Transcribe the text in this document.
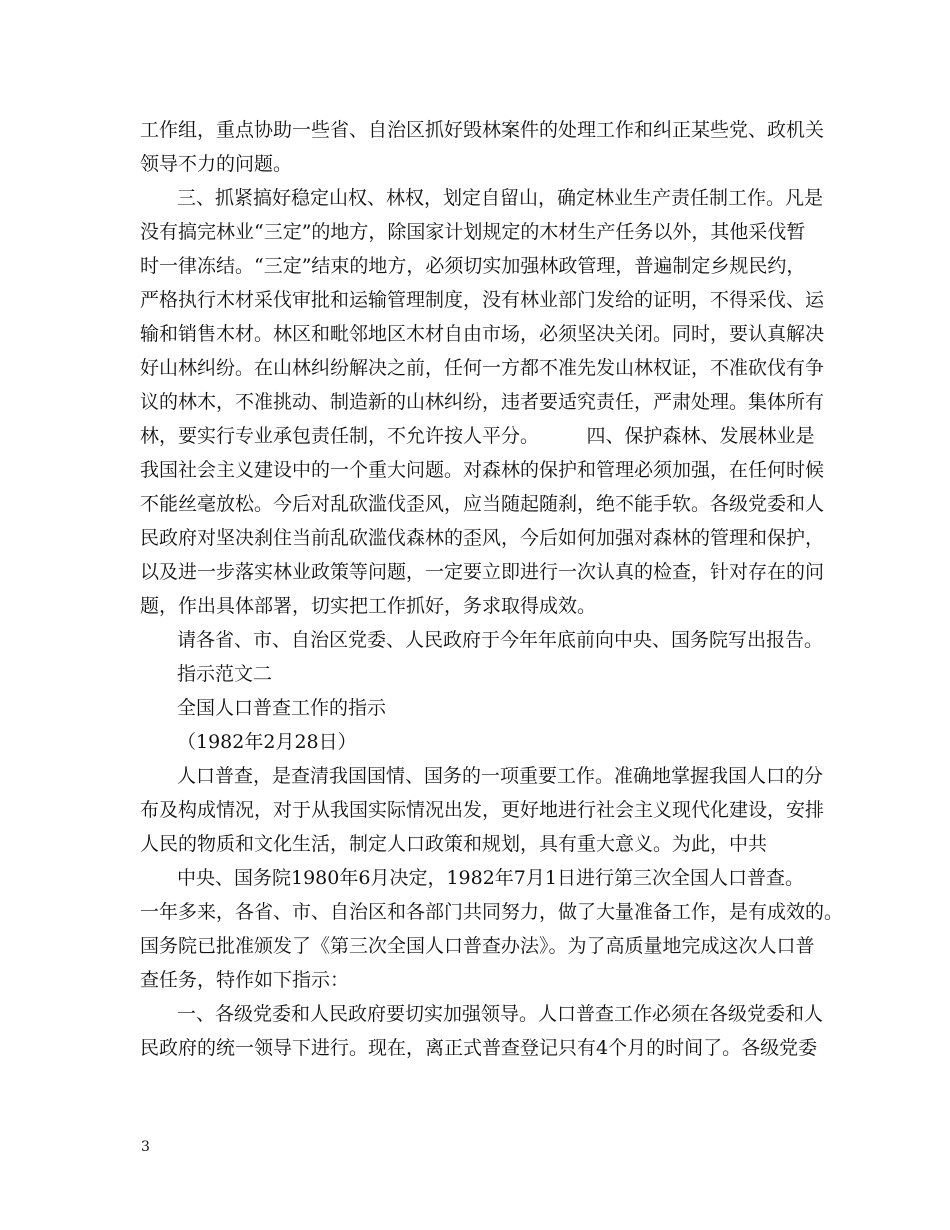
工作组，重点协助一些省、自治区抓好毁林案件的处理工作和纠正某些党、政机关
领导不力的问题。
三、抓紧搞好稳定山权、林权，划定自留山，确定林业生产责任制工作。凡是
没有搞完林业“三定”的地方，除国家计划规定的木材生产任务以外，其他采伐暂
时一律冻结。“三定”结束的地方，必须切实加强林政管理，普遍制定乡规民约，
严格执行木材采伐审批和运输管理制度，没有林业部门发给的证明，不得采伐、运
输和销售木材。林区和毗邻地区木材自由市场，必须坚决关闭。同时，要认真解决
好山林纠纷。在山林纠纷解决之前，任何一方都不准先发山林权证，不准砍伐有争
议的林木，不准挑动、制造新的山林纠纷，违者要适究责任，严肃处理。集体所有
林，要实行专业承包责任制，不允许按人平分。　　　四、保护森林、发展林业是
我国社会主义建设中的一个重大问题。对森林的保护和管理必须加强，在任何时候
不能丝毫放松。今后对乱砍滥伐歪风，应当随起随刹，绝不能手软。各级党委和人
民政府对坚决刹住当前乱砍滥伐森林的歪风，今后如何加强对森林的管理和保护，
以及进一步落实林业政策等问题，一定要立即进行一次认真的检查，针对存在的问
题，作出具体部署，切实把工作抓好，务求取得成效。
请各省、市、自治区党委、人民政府于今年年底前向中央、国务院写出报告。
指示范文二
全国人口普查工作的指示
（1982年2月28日）
人口普查，是查清我国国情、国务的一项重要工作。准确地掌握我国人口的分
布及构成情况，对于从我国实际情况出发，更好地进行社会主义现代化建设，安排
人民的物质和文化生活，制定人口政策和规划，具有重大意义。为此，中共
中央、国务院1980年6月决定，1982年7月1日进行第三次全国人口普查。
一年多来，各省、市、自治区和各部门共同努力，做了大量准备工作，是有成效的。
国务院已批准颁发了《第三次全国人口普查办法》。为了高质量地完成这次人口普
查任务，特作如下指示：
一、各级党委和人民政府要切实加强领导。人口普查工作必须在各级党委和人
民政府的统一领导下进行。现在，离正式普查登记只有4个月的时间了。各级党委
3
